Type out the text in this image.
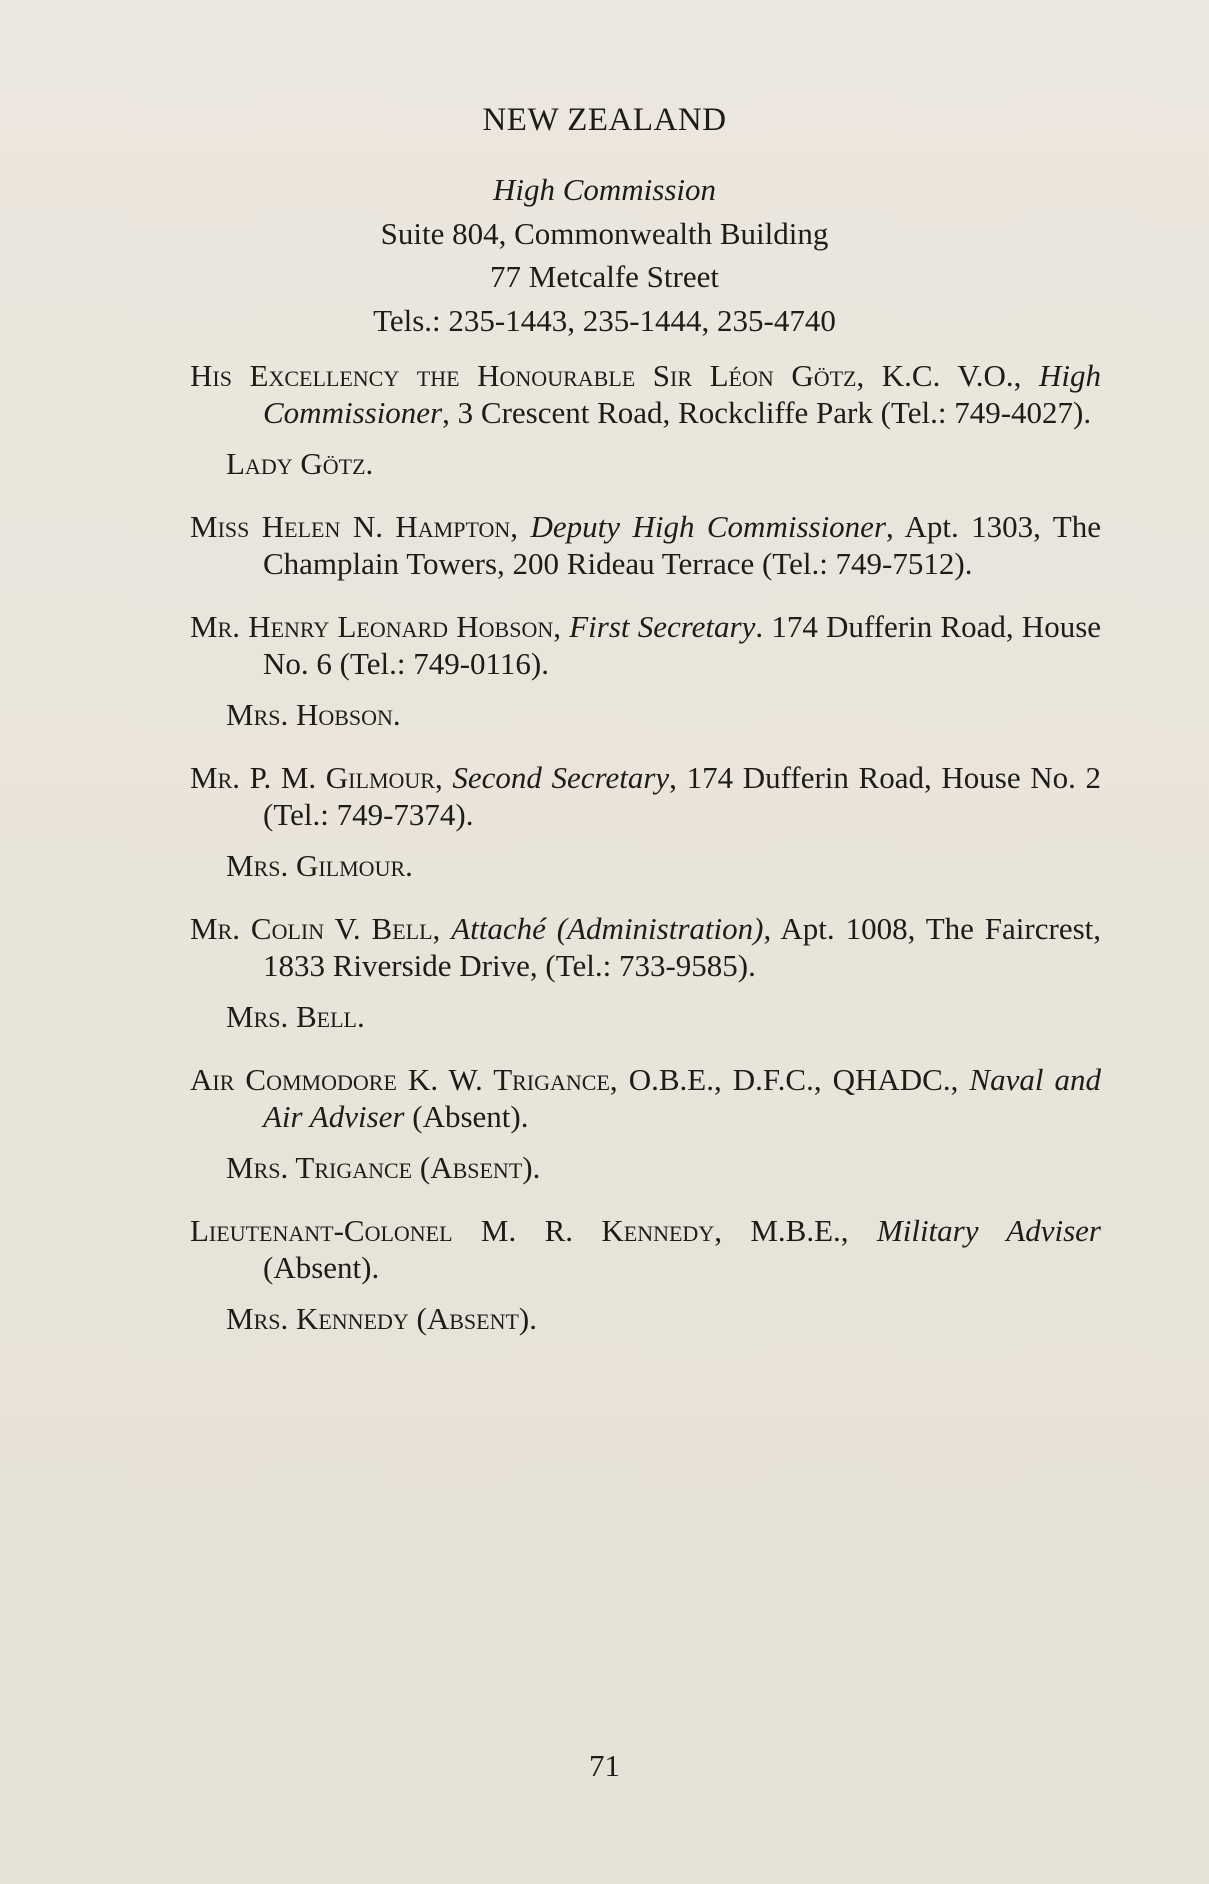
NEW ZEALAND
High Commission
Suite 804, Commonwealth Building
77 Metcalfe Street
Tels.: 235-1443, 235-1444, 235-4740
His Excellency the Honourable Sir Léon Götz, K.C. V.O., High Commissioner, 3 Crescent Road, Rockcliffe Park (Tel.: 749-4027).
Lady Götz.
Miss Helen N. Hampton, Deputy High Commissioner, Apt. 1303, The Champlain Towers, 200 Rideau Terrace (Tel.: 749-7512).
Mr. Henry Leonard Hobson, First Secretary. 174 Dufferin Road, House No. 6 (Tel.: 749-0116).
Mrs. Hobson.
Mr. P. M. Gilmour, Second Secretary, 174 Dufferin Road, House No. 2 (Tel.: 749-7374).
Mrs. Gilmour.
Mr. Colin V. Bell, Attaché (Administration), Apt. 1008, The Faircrest, 1833 Riverside Drive, (Tel.: 733-9585).
Mrs. Bell.
Air Commodore K. W. Trigance, O.B.E., D.F.C., QHADC., Naval and Air Adviser (Absent).
Mrs. Trigance (Absent).
Lieutenant-Colonel M. R. Kennedy, M.B.E., Military Adviser (Absent).
Mrs. Kennedy (Absent).
71
